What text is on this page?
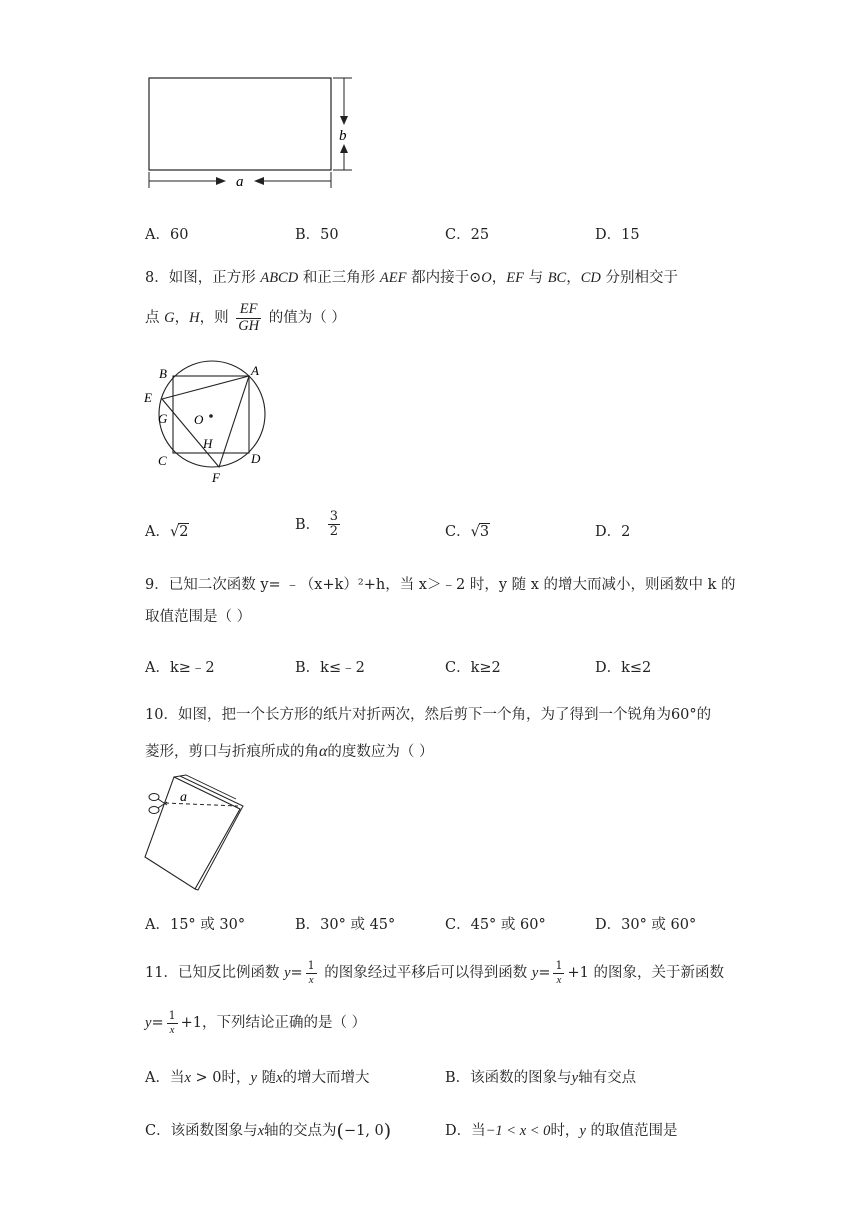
b
a
A．60	B．50	C．25	D．15
8．如图，正方形 ABCD 和正三角形 AEF 都内接于⊙O，EF 与 BC，CD 分别相交于
点 G，H，则 $\frac{EF}{GH}$ 的值为（ ）
A
B
C	D
E
F
G
H
O
A．√2	B． $\frac{3}{2}$	C．√3	D．2
9．已知二次函数 y= ﹣（x+k）²+h，当 x＞﹣2 时，y 随 x 的增大而减小，则函数中 k 的
取值范围是（ ）
A．k≥﹣2	B．k≤﹣2	C．k≥2	D．k≤2
10．如图，把一个长方形的纸片对折两次，然后剪下一个角，为了得到一个锐角为60°的
菱形，剪口与折痕所成的角α的度数应为（ ）
a
A．15° 或 30°	B．30° 或 45°	C．45° 或 60°	D．30° 或 60°
11．已知反比例函数 $y= \frac{1}{x}$ 的图象经过平移后可以得到函数 $y= \frac{1}{x} +1$ 的图象，关于新函数
$y= \frac{1}{x} +1$，下列结论正确的是（ ）
A．当x > 0时，y 随x的增大而增大	B．该函数的图象与y轴有交点
C．该函数图象与x轴的交点为(−1, 0)	D．当−1 < x < 0时，y 的取值范围是
